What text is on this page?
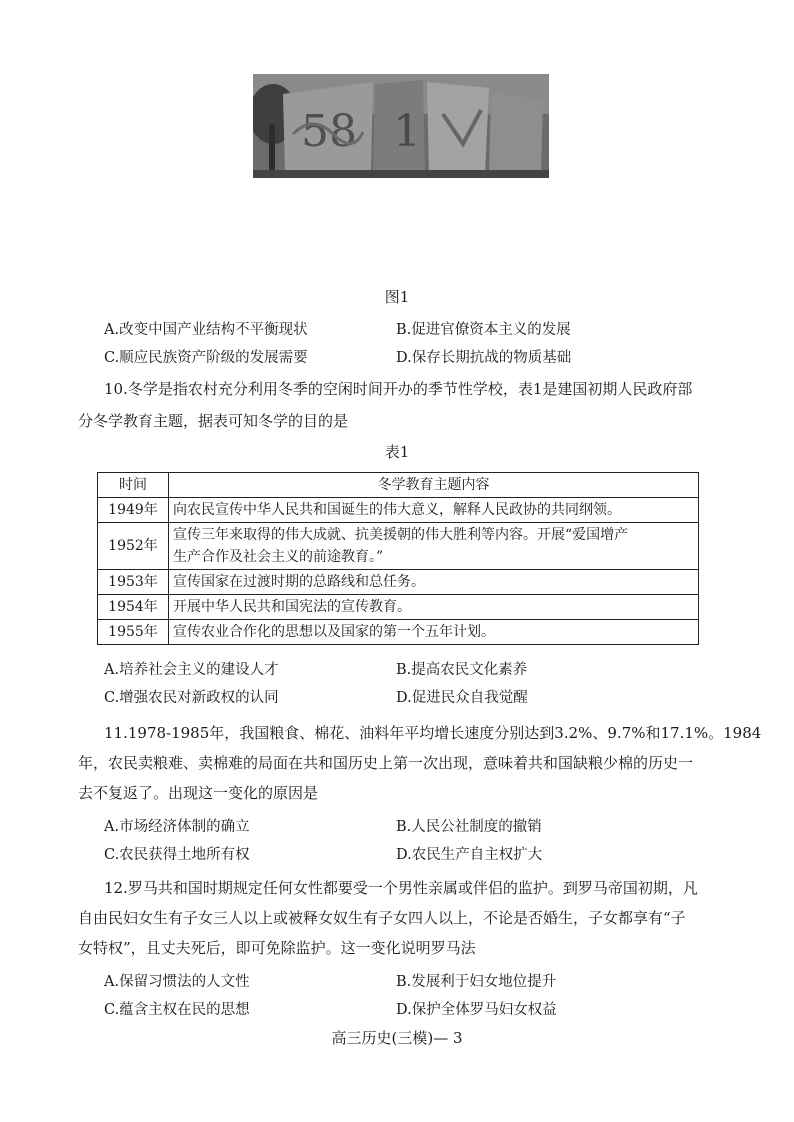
58 1
图1
A.改变中国产业结构不平衡现状	B.促进官僚资本主义的发展
C.顺应民族资产阶级的发展需要	D.保存长期抗战的物质基础
10.冬学是指农村充分利用冬季的空闲时间开办的季节性学校，表1是建国初期人民政府部
分冬学教育主题，据表可知冬学的目的是
表1
时间	冬学教育主题内容
1949年	向农民宣传中华人民共和国诞生的伟大意义，解释人民政协的共同纲领。
1952年	宣传三年来取得的伟大成就、抗美援朝的伟大胜利等内容。开展“爱国增产
生产合作及社会主义的前途教育。”

1953年	宣传国家在过渡时期的总路线和总任务。
1954年	开展中华人民共和国宪法的宣传教育。
1955年	宣传农业合作化的思想以及国家的第一个五年计划。
A.培养社会主义的建设人才	B.提高农民文化素养
C.增强农民对新政权的认同	D.促进民众自我觉醒
11.1978-1985年，我国粮食、棉花、油料年平均增长速度分别达到3.2%、9.7%和17.1%。1984
年，农民卖粮难、卖棉难的局面在共和国历史上第一次出现，意味着共和国缺粮少棉的历史一
去不复返了。出现这一变化的原因是
A.市场经济体制的确立	B.人民公社制度的撤销
C.农民获得土地所有权	D.农民生产自主权扩大
12.罗马共和国时期规定任何女性都要受一个男性亲属或伴侣的监护。到罗马帝国初期，凡
自由民妇女生有子女三人以上或被释女奴生有子女四人以上，不论是否婚生，子女都享有“子
女特权”，且丈夫死后，即可免除监护。这一变化说明罗马法
A.保留习惯法的人文性	B.发展利于妇女地位提升
C.蕴含主权在民的思想	D.保护全体罗马妇女权益
高三历史(三模)— 3
